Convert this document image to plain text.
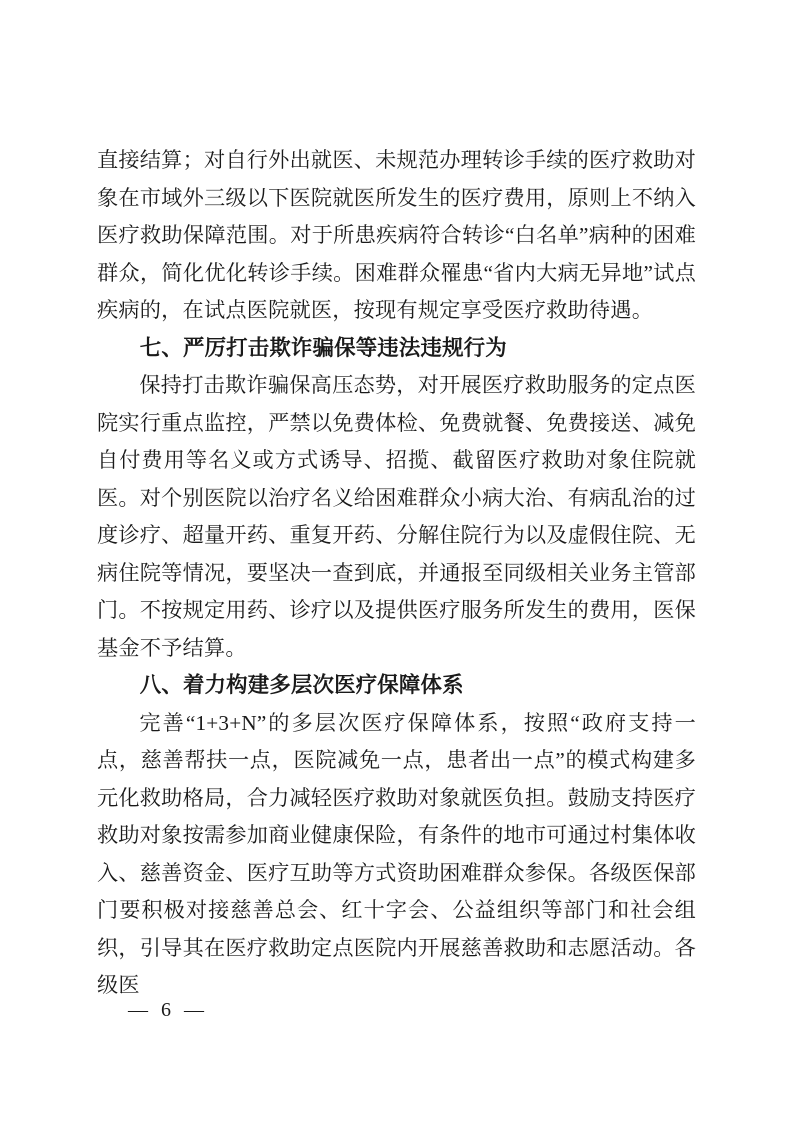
直接结算；对自行外出就医、未规范办理转诊手续的医疗救助对象在市域外三级以下医院就医所发生的医疗费用，原则上不纳入医疗救助保障范围。对于所患疾病符合转诊“白名单”病种的困难群众，简化优化转诊手续。困难群众罹患“省内大病无异地”试点疾病的，在试点医院就医，按现有规定享受医疗救助待遇。

七、严厉打击欺诈骗保等违法违规行为

保持打击欺诈骗保高压态势，对开展医疗救助服务的定点医院实行重点监控，严禁以免费体检、免费就餐、免费接送、减免自付费用等名义或方式诱导、招揽、截留医疗救助对象住院就医。对个别医院以治疗名义给困难群众小病大治、有病乱治的过度诊疗、超量开药、重复开药、分解住院行为以及虚假住院、无病住院等情况，要坚决一查到底，并通报至同级相关业务主管部门。不按规定用药、诊疗以及提供医疗服务所发生的费用，医保基金不予结算。

八、着力构建多层次医疗保障体系

完善“1+3+N”的多层次医疗保障体系，按照“政府支持一点，慈善帮扶一点，医院减免一点，患者出一点”的模式构建多元化救助格局，合力减轻医疗救助对象就医负担。鼓励支持医疗救助对象按需参加商业健康保险，有条件的地市可通过村集体收入、慈善资金、医疗互助等方式资助困难群众参保。各级医保部门要积极对接慈善总会、红十字会、公益组织等部门和社会组织，引导其在医疗救助定点医院内开展慈善救助和志愿活动。各级医

— 6 —
